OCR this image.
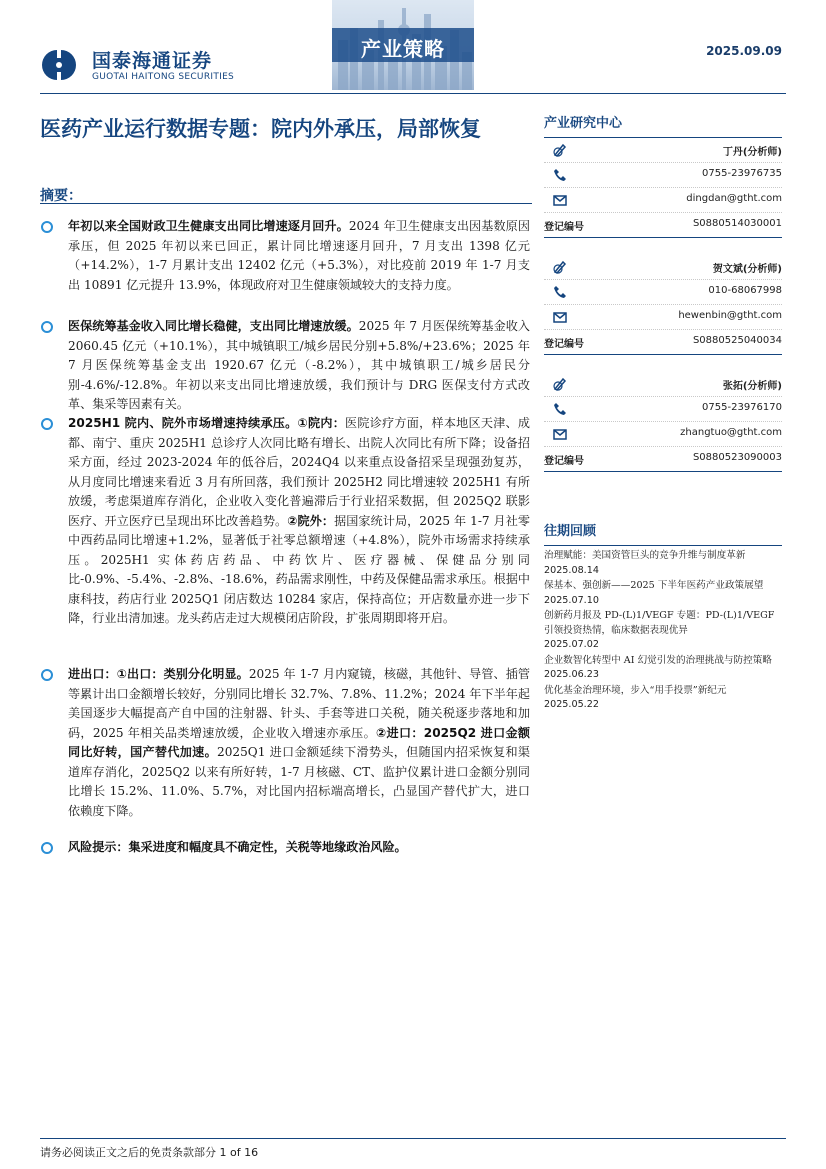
国泰海通证券
GUOTAI HAITONG SECURITIES
产业策略	2025.09.09
医药产业运行数据专题：院内外承压，局部恢复
摘要：

年初以来全国财政卫生健康支出同比增速逐月回升。2024 年卫生健康支出因基数原因承压，但 2025 年初以来已回正，累计同比增速逐月回升，7 月支出 1398 亿元（+14.2%），1-7 月累计支出 12402 亿元（+5.3%），对比疫前 2019 年 1-7 月支出 10891 亿元提升 13.9%，体现政府对卫生健康领域较大的支持力度。

医保统筹基金收入同比增长稳健，支出同比增速放缓。2025 年 7 月医保统筹基金收入 2060.45 亿元（+10.1%），其中城镇职工/城乡居民分别+5.8%/+23.6%；2025 年 7 月医保统筹基金支出 1920.67 亿元（-8.2%），其中城镇职工/城乡居民分别-4.6%/-12.8%。年初以来支出同比增速放缓，我们预计与 DRG 医保支付方式改革、集采等因素有关。

2025H1 院内、院外市场增速持续承压。①院内：医院诊疗方面，样本地区天津、成都、南宁、重庆 2025H1 总诊疗人次同比略有增长、出院人次同比有所下降；设备招采方面，经过 2023-2024 年的低谷后，2024Q4 以来重点设备招采呈现强劲复苏，从月度同比增速来看近 3 月有所回落，我们预计 2025H2 同比增速较 2025H1 有所放缓，考虑渠道库存消化，企业收入变化普遍滞后于行业招采数据，但 2025Q2 联影医疗、开立医疗已呈现出环比改善趋势。②院外：据国家统计局，2025 年 1-7 月社零中西药品同比增速+1.2%，显著低于社零总额增速（+4.8%），院外市场需求持续承压。2025H1 实体药店药品、中药饮片、医疗器械、保健品分别同比-0.9%、-5.4%、-2.8%、-18.6%，药品需求刚性，中药及保健品需求承压。根据中康科技，药店行业 2025Q1 闭店数达 10284 家店，保持高位；开店数量亦进一步下降，行业出清加速。龙头药店走过大规模闭店阶段，扩张周期即将开启。

进出口：①出口：类别分化明显。2025 年 1-7 月内窥镜，核磁，其他针、导管、插管等累计出口金额增长较好，分别同比增长 32.7%、7.8%、11.2%；2024 年下半年起美国逐步大幅提高产自中国的注射器、针头、手套等进口关税，随关税逐步落地和加码，2025 年相关品类增速放缓，企业收入增速亦承压。②进口：2025Q2 进口金额同比好转，国产替代加速。2025Q1 进口金额延续下滑势头，但随国内招采恢复和渠道库存消化，2025Q2 以来有所好转，1-7 月核磁、CT、监护仪累计进口金额分别同比增长 15.2%、11.0%、5.7%，对比国内招标端高增长，凸显国产替代扩大，进口依赖度下降。

风险提示：集采进度和幅度具不确定性，关税等地缘政治风险。

产业研究中心
丁丹(分析师)
0755-23976735
dingdan@gtht.com
登记编号	S0880514030001
贺文斌(分析师)
010-68067998
hewenbin@gtht.com
登记编号	S0880525040034
张拓(分析师)
0755-23976170
zhangtuo@gtht.com
登记编号	S0880523090003
往期回顾
治理赋能：美国资管巨头的竞争升维与制度革新
2025.08.14
保基本、强创新——2025 下半年医药产业政策展望
2025.07.10
创新药月报及 PD-(L)1/VEGF 专题：PD-(L)1/VEGF 引领投资热情，临床数据表现优异
2025.07.02
企业数智化转型中 AI 幻觉引发的治理挑战与防控策略
2025.06.23
优化基金治理环境，步入“用手投票”新纪元
2025.05.22
请务必阅读正文之后的免责条款部分 1 of 16
